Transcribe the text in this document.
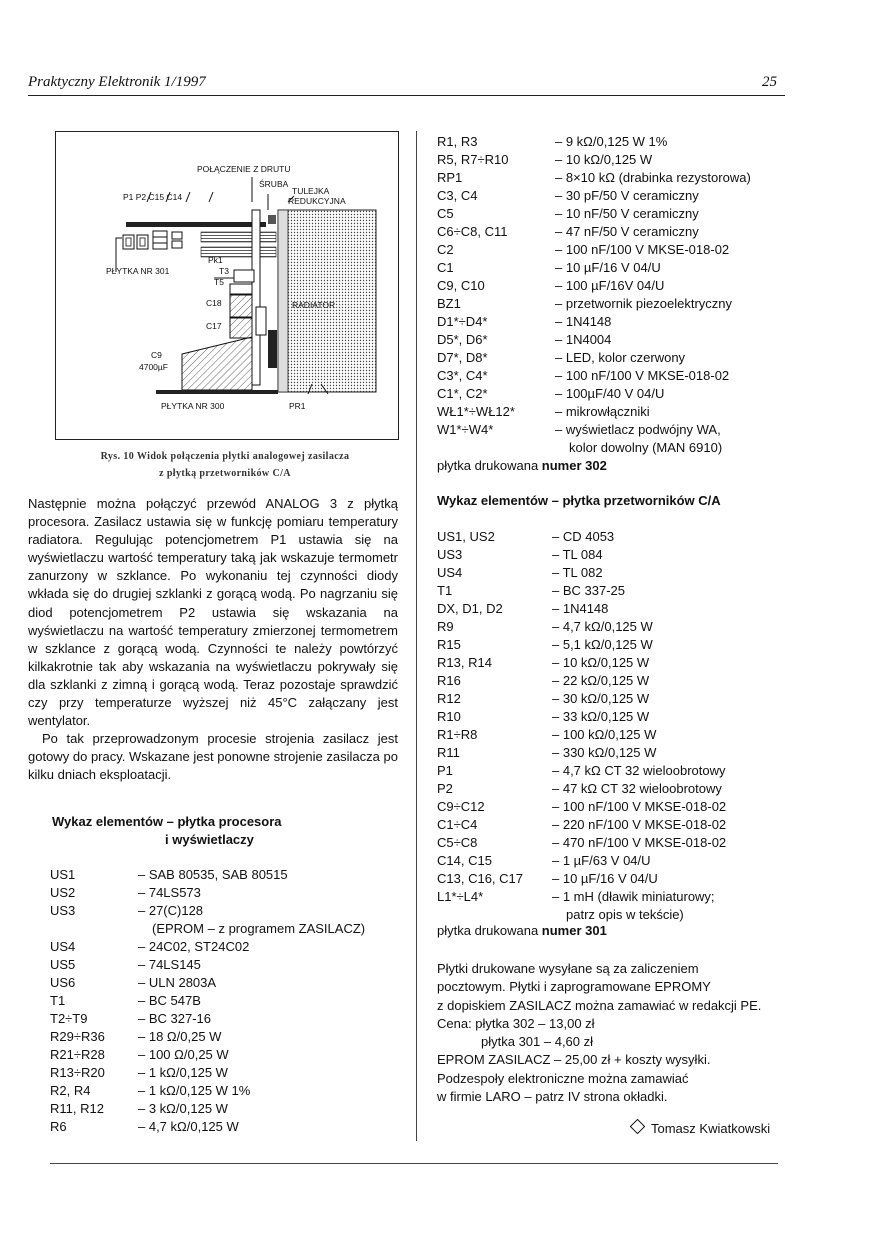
Praktyczny Elektronik 1/1997	25
POŁĄCZENIE Z DRUTU
ŚRUBA
TULEJKA
REDUKCYJNA
P1 P2 C15 C14
Pk1
PŁYTKA NR 301	T3
T5
C18
C17
RADIATOR
C9
4700µF
PŁYTKA NR 300	PR1
Rys. 10 Widok połączenia płytki analogowej zasilacza
z płytką przetworników C/A

Następnie można połączyć przewód ANALOG 3 z płytką procesora. Zasilacz ustawia się w funkcję pomiaru temperatury radiatora. Regulując potencjometrem P1 ustawia się na wyświetlaczu wartość temperatury taką jak wskazuje termometr zanurzony w szklance. Po wykonaniu tej czynności diody wkłada się do drugiej szklanki z gorącą wodą. Po nagrzaniu się diod potencjometrem P2 ustawia się wskazania na wyświetlaczu na wartość temperatury zmierzonej termometrem w szklance z gorącą wodą. Czynności te należy powtórzyć kilkakrotnie tak aby wskazania na wyświetlaczu pokrywały się dla szklanki z zimną i gorącą wodą. Teraz pozostaje sprawdzić czy przy temperaturze wyższej niż 45°C załączany jest wentylator.

Po tak przeprowadzonym procesie strojenia zasilacz jest gotowy do pracy. Wskazane jest ponowne strojenie zasilacza po kilku dniach eksploatacji.

Wykaz elementów – płytka procesora
i wyświetlaczy
US1	– SAB 80535, SAB 80515
US2	– 74LS573
US3	– 27(C)128
(EPROM – z programem ZASILACZ)
US4	– 24C02, ST24C02
US5	– 74LS145
US6	– ULN 2803A
T1	– BC 547B
T2÷T9	– BC 327-16
R29÷R36	– 18 Ω/0,25 W
R21÷R28	– 100 Ω/0,25 W
R13÷R20	– 1 kΩ/0,125 W
R2, R4	– 1 kΩ/0,125 W 1%
R11, R12	– 3 kΩ/0,125 W
R6	– 4,7 kΩ/0,125 W
R1, R3	– 9 kΩ/0,125 W 1%
R5, R7÷R10	– 10 kΩ/0,125 W
RP1	– 8×10 kΩ (drabinka rezystorowa)
C3, C4	– 30 pF/50 V ceramiczny
C5	– 10 nF/50 V ceramiczny
C6÷C8, C11	– 47 nF/50 V ceramiczny
C2	– 100 nF/100 V MKSE-018-02
C1	– 10 µF/16 V 04/U
C9, C10	– 100 µF/16V 04/U
BZ1	– przetwornik piezoelektryczny
D1*÷D4*	– 1N4148
D5*, D6*	– 1N4004
D7*, D8*	– LED, kolor czerwony
C3*, C4*	– 100 nF/100 V MKSE-018-02
C1*, C2*	– 100µF/40 V 04/U
WŁ1*÷WŁ12*	– mikrowłączniki
W1*÷W4*	– wyświetlacz podwójny WA,
kolor dowolny (MAN 6910)
płytka drukowana numer 302
Wykaz elementów – płytka przetworników C/A
US1, US2	– CD 4053
US3	– TL 084
US4	– TL 082
T1	– BC 337-25
DX, D1, D2	– 1N4148
R9	– 4,7 kΩ/0,125 W
R15	– 5,1 kΩ/0,125 W
R13, R14	– 10 kΩ/0,125 W
R16	– 22 kΩ/0,125 W
R12	– 30 kΩ/0,125 W
R10	– 33 kΩ/0,125 W
R1÷R8	– 100 kΩ/0,125 W
R11	– 330 kΩ/0,125 W
P1	– 4,7 kΩ CT 32 wieloobrotowy
P2	– 47 kΩ CT 32 wieloobrotowy
C9÷C12	– 100 nF/100 V MKSE-018-02
C1÷C4	– 220 nF/100 V MKSE-018-02
C5÷C8	– 470 nF/100 V MKSE-018-02
C14, C15	– 1 µF/63 V 04/U
C13, C16, C17	– 10 µF/16 V 04/U
L1*÷L4*	– 1 mH (dławik miniaturowy;
patrz opis w tekście)
płytka drukowana numer 301
Płytki drukowane wysyłane są za zaliczeniem
pocztowym. Płytki i zaprogramowane EPROMY
z dopiskiem ZASILACZ można zamawiać w redakcji PE.
Cena: płytka 302 – 13,00 zł
płytka 301 – 4,60 zł
EPROM ZASILACZ – 25,00 zł + koszty wysyłki.
Podzespoły elektroniczne można zamawiać
w firmie LARO – patrz IV strona okładki.
Tomasz Kwiatkowski
